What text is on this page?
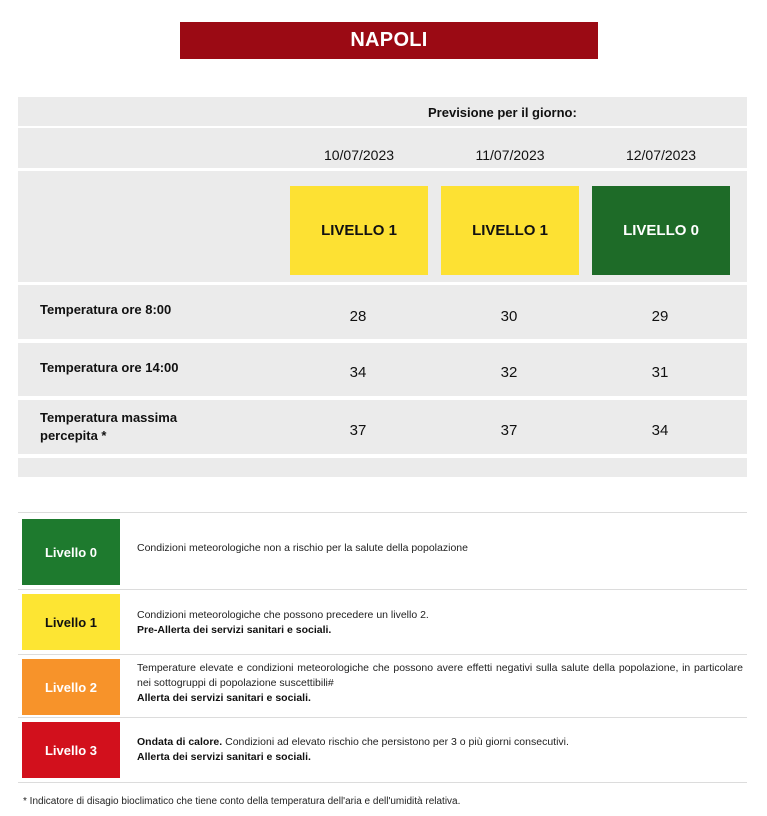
NAPOLI
Previsione per il giorno:
10/07/2023	11/07/2023	12/07/2023
LIVELLO 1	LIVELLO 1	LIVELLO 0
Temperatura ore 8:00	28	30	29
Temperatura ore 14:00	34	32	31
Temperatura massima
percepita *	37	37	34
Livello 0	Condizioni meteorologiche non a rischio per la salute della popolazione
Livello 1	Condizioni meteorologiche che possono precedere un livello 2.
Pre-Allerta dei servizi sanitari e sociali.
Livello 2
Temperature elevate e condizioni meteorologiche che possono avere effetti negativi sulla salute della popolazione, in particolare nei sottogruppi di popolazione suscettibili#
Allerta dei servizi sanitari e sociali.
Livello 3
Ondata di calore. Condizioni ad elevato rischio che persistono per 3 o più giorni consecutivi.
Allerta dei servizi sanitari e sociali.
* Indicatore di disagio bioclimatico che tiene conto della temperatura dell'aria e dell'umidità relativa.
